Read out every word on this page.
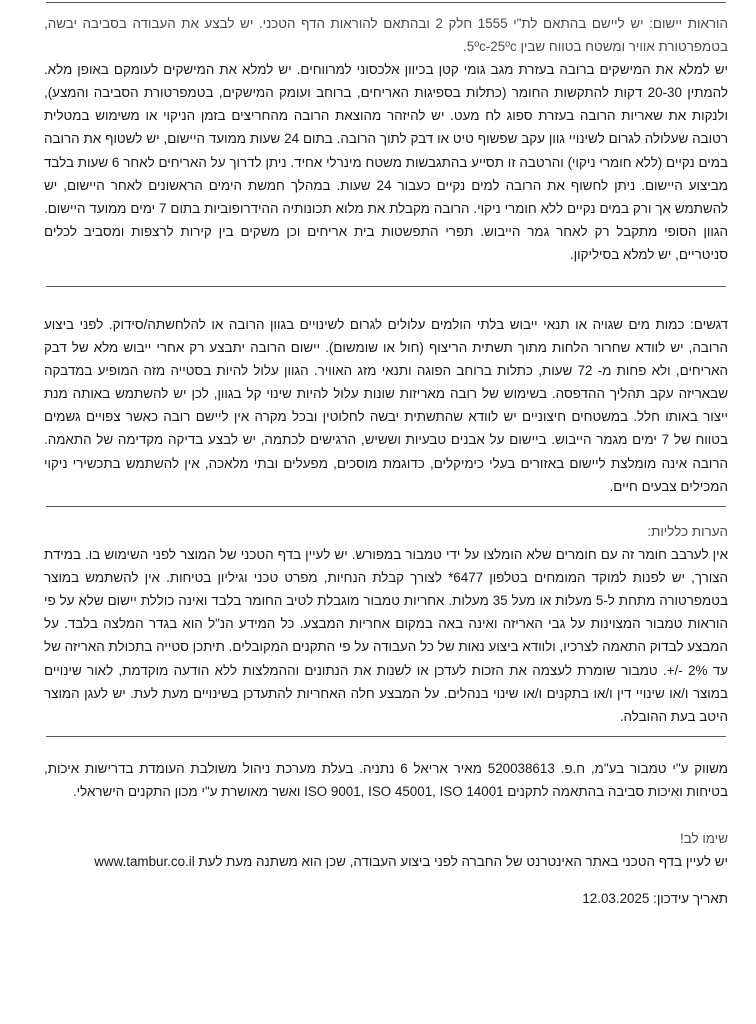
הוראות יישום: יש ליישם בהתאם לת"י 1555 חלק 2 ובהתאם להוראות הדף הטכני. יש לבצע את העבודה בסביבה יבשה, בטמפרטורת אוויר ומשטח בטווח שבין 5ºc-25ºc.

יש למלא את המישקים ברובה בעזרת מגב גומי קטן בכיוון אלכסוני למרווחים. יש למלא את המישקים לעומקם באופן מלא. להמתין 20-30 דקות להתקשות החומר (כתלות בספיגות האריחים, ברוחב ועומק המישקים, בטמפרטורת הסביבה והמצע), ולנקות את שאריות הרובה בעזרת ספוג לח מעט. יש להיזהר מהוצאת הרובה מהחריצים בזמן הניקוי או משימוש במטלית רטובה שעלולה לגרום לשינויי גוון עקב שפשוף טיט או דבק לתוך הרובה. בתום 24 שעות ממועד היישום, יש לשטוף את הרובה במים נקיים (ללא חומרי ניקוי) והרטבה זו תסייע בהתגבשות משטח מינרלי אחיד. ניתן לדרוך על האריחים לאחר 6 שעות בלבד מביצוע היישום. ניתן לחשוף את הרובה למים נקיים כעבור 24 שעות. במהלך חמשת הימים הראשונים לאחר היישום, יש להשתמש אך ורק במים נקיים ללא חומרי ניקוי. הרובה מקבלת את מלוא תכונותיה ההידרופוביות בתום 7 ימים ממועד היישום. הגוון הסופי מתקבל רק לאחר גמר הייבוש. תפרי התפשטות בית אריחים וכן משקים בין קירות לרצפות ומסביב לכלים סניטריים, יש למלא בסיליקון.

דגשים: כמות מים שגויה או תנאי ייבוש בלתי הולמים עלולים לגרום לשינויים בגוון הרובה או להלחשתה/סידוק. לפני ביצוע הרובה, יש לוודא שחרור הלחות מתוך תשתית הריצוף (חול או שומשום). יישום הרובה יתבצע רק אחרי ייבוש מלא של דבק האריחים, ולא פחות מ- 72 שעות, כתלות ברוחב הפוגה ותנאי מזג האוויר. הגוון עלול להיות בסטייה מזה המופיע במדבקה שבאריזה עקב תהליך ההדפסה. בשימוש של רובה מאריזות שונות עלול להיות שינוי קל בגוון, לכן יש להשתמש באותה מנת ייצור באותו חלל. במשטחים חיצוניים יש לוודא שהתשתית יבשה לחלוטין ובכל מקרה אין ליישם רובה כאשר צפויים גשמים בטווח של 7 ימים מגמר הייבוש. ביישום על אבנים טבעיות וששיש, הרגישים לכתמה, יש לבצע בדיקה מקדימה של התאמה. הרובה אינה מומלצת ליישום באזורים בעלי כימיקלים, כדוגמת מוסכים, מפעלים ובתי מלאכה, אין להשתמש בתכשירי ניקוי המכילים צבעים חיים.

הערות כלליות:

אין לערבב חומר זה עם חומרים שלא הומלצו על ידי טמבור במפורש. יש לעיין בדף הטכני של המוצר לפני השימוש בו. במידת הצורך, יש לפנות למוקד המומחים בטלפון 6477* לצורך קבלת הנחיות, מפרט טכני וגיליון בטיחות. אין להשתמש במוצר בטמפרטורה מתחת ל-5 מעלות או מעל 35 מעלות. אחריות טמבור מוגבלת לטיב החומר בלבד ואינה כוללת יישום שלא על פי הוראות טמבור המצוינות על גבי האריזה ואינה באה במקום אחריות המבצע. כל המידע הנ"ל הוא בגדר המלצה בלבד. על המבצע לבדוק התאמה לצרכיו, ולוודא ביצוע נאות של כל העבודה על פי התקנים המקובלים. תיתכן סטייה בתכולת האריזה של עד 2% -/+. טמבור שומרת לעצמה את הזכות לעדכן או לשנות את הנתונים וההמלצות ללא הודעה מוקדמת, לאור שינויים במוצר ו/או שינויי דין ו/או בתקנים ו/או שינוי בנהלים. על המבצע חלה האחריות להתעדכן בשינויים מעת לעת. יש לעגן המוצר היטב בעת ההובלה.

משווק ע"י טמבור בע"מ, ח.פ. 520038613 מאיר אריאל 6 נתניה. בעלת מערכת ניהול משולבת העומדת בדרישות איכות, בטיחות ואיכות סביבה בהתאמה לתקנים ISO 9001, ISO 45001, ISO 14001 ואשר מאושרת ע"י מכון התקנים הישראלי.

שימו לב!

יש לעיין בדף הטכני באתר האינטרנט של החברה לפני ביצוע העבודה, שכן הוא משתנה מעת לעת www.tambur.co.il

תאריך עידכון: 12.03.2025
